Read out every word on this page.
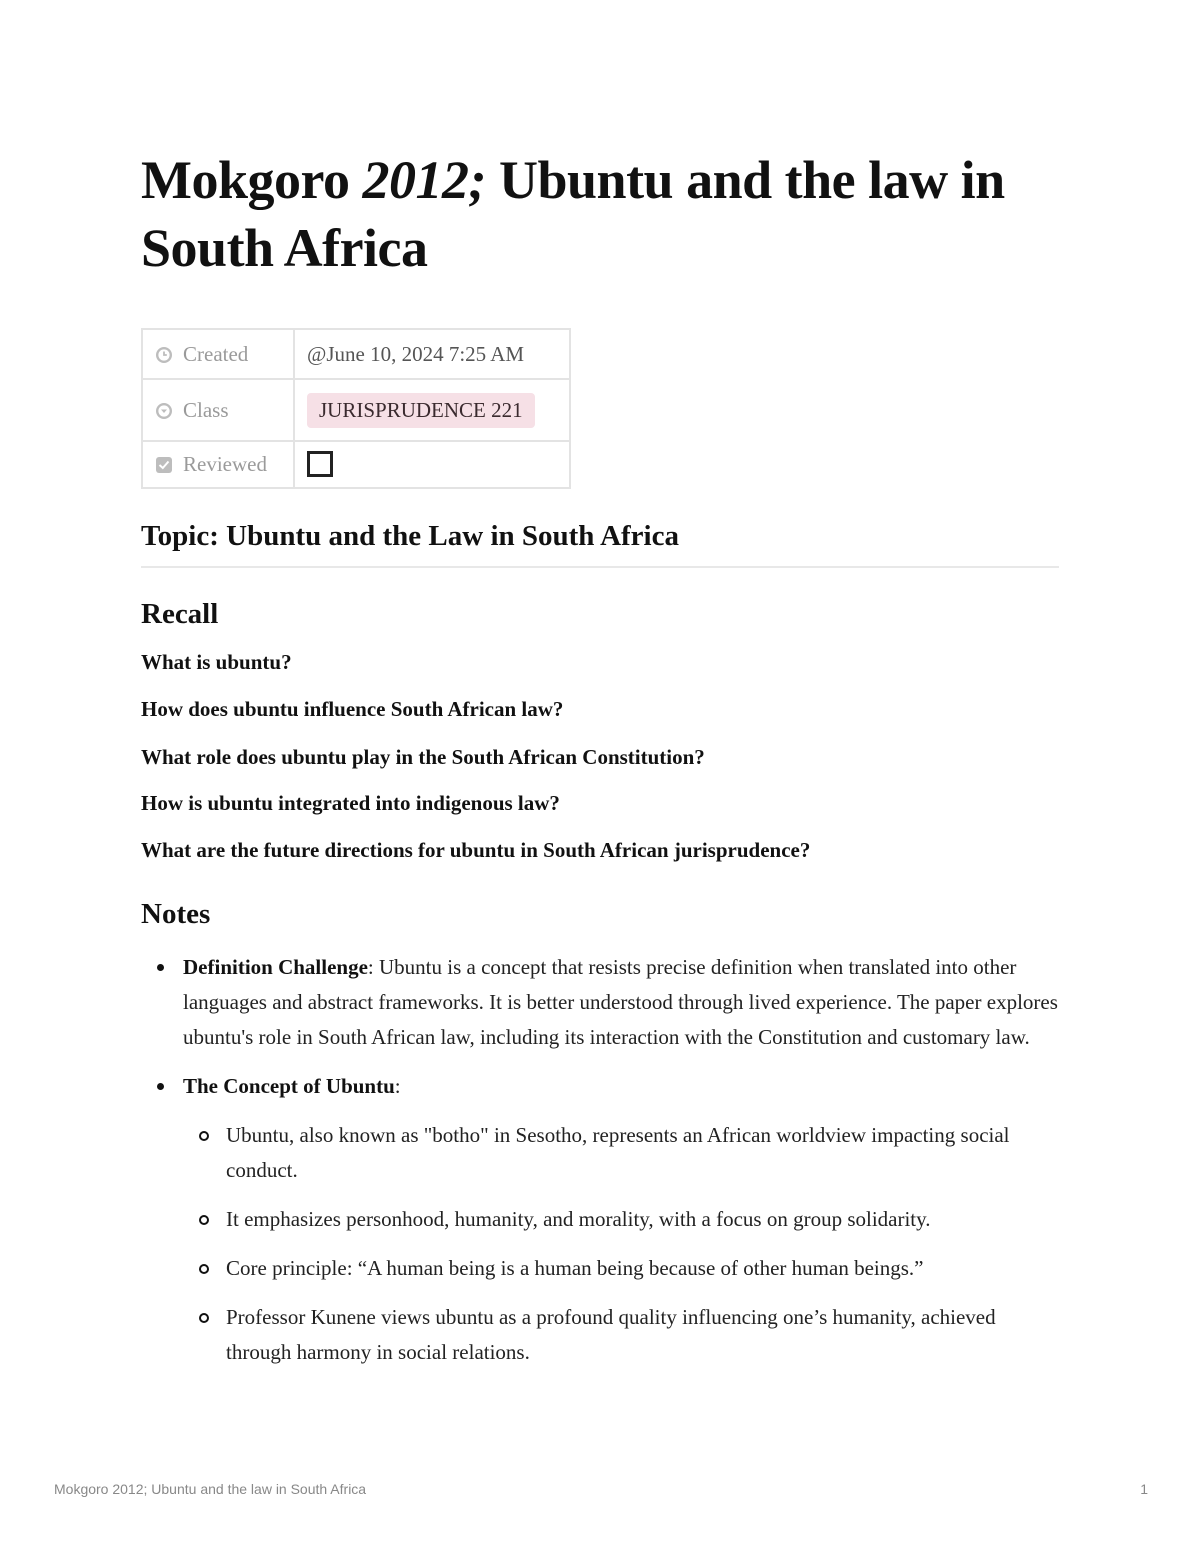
Mokgoro 2012; Ubuntu and the law in South Africa
Created	@June 10, 2024 7:25 AM
Class	JURISPRUDENCE 221
Reviewed	
Topic: Ubuntu and the Law in South Africa
Recall

What is ubuntu?

How does ubuntu influence South African law?

What role does ubuntu play in the South African Constitution?

How is ubuntu integrated into indigenous law?

What are the future directions for ubuntu in South African jurisprudence?

Notes
Definition Challenge: Ubuntu is a concept that resists precise definition when translated into other languages and abstract frameworks. It is better understood through lived experience. The paper explores ubuntu's role in South African law, including its interaction with the Constitution and customary law.
The Concept of Ubuntu:
Ubuntu, also known as "botho" in Sesotho, represents an African worldview impacting social conduct.
It emphasizes personhood, humanity, and morality, with a focus on group solidarity.
Core principle: “A human being is a human being because of other human beings.”
Professor Kunene views ubuntu as a profound quality influencing one’s humanity, achieved through harmony in social relations.
Mokgoro 2012; Ubuntu and the law in South Africa	1
